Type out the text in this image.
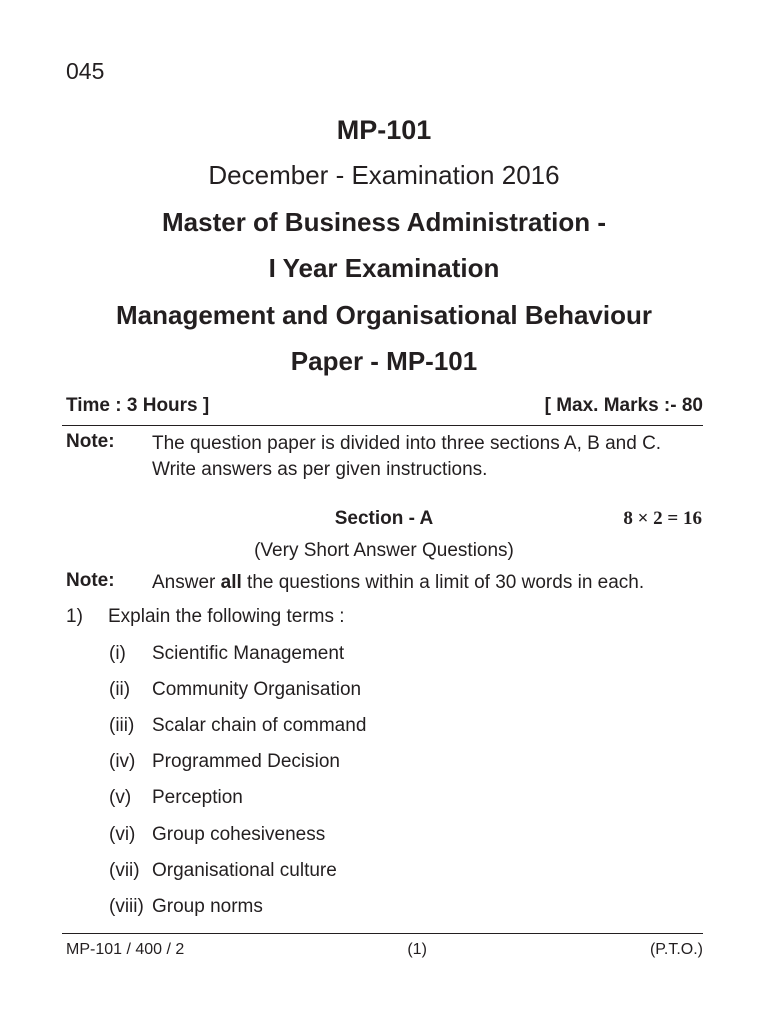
045
MP-101
December - Examination 2016
Master of Business Administration -
I Year Examination
Management and Organisational Behaviour
Paper - MP-101
Time : 3 Hours ]	[ Max. Marks :- 80
Note: The question paper is divided into three sections A, B and C. Write answers as per given instructions.
Section - A	8 × 2 = 16
(Very Short Answer Questions)
Note: Answer all the questions within a limit of 30 words in each.
1) Explain the following terms :
(i) Scientific Management
(ii) Community Organisation
(iii) Scalar chain of command
(iv) Programmed Decision
(v) Perception
(vi) Group cohesiveness
(vii) Organisational culture
(viii) Group norms
MP-101 / 400 / 2	(1)	(P.T.O.)
